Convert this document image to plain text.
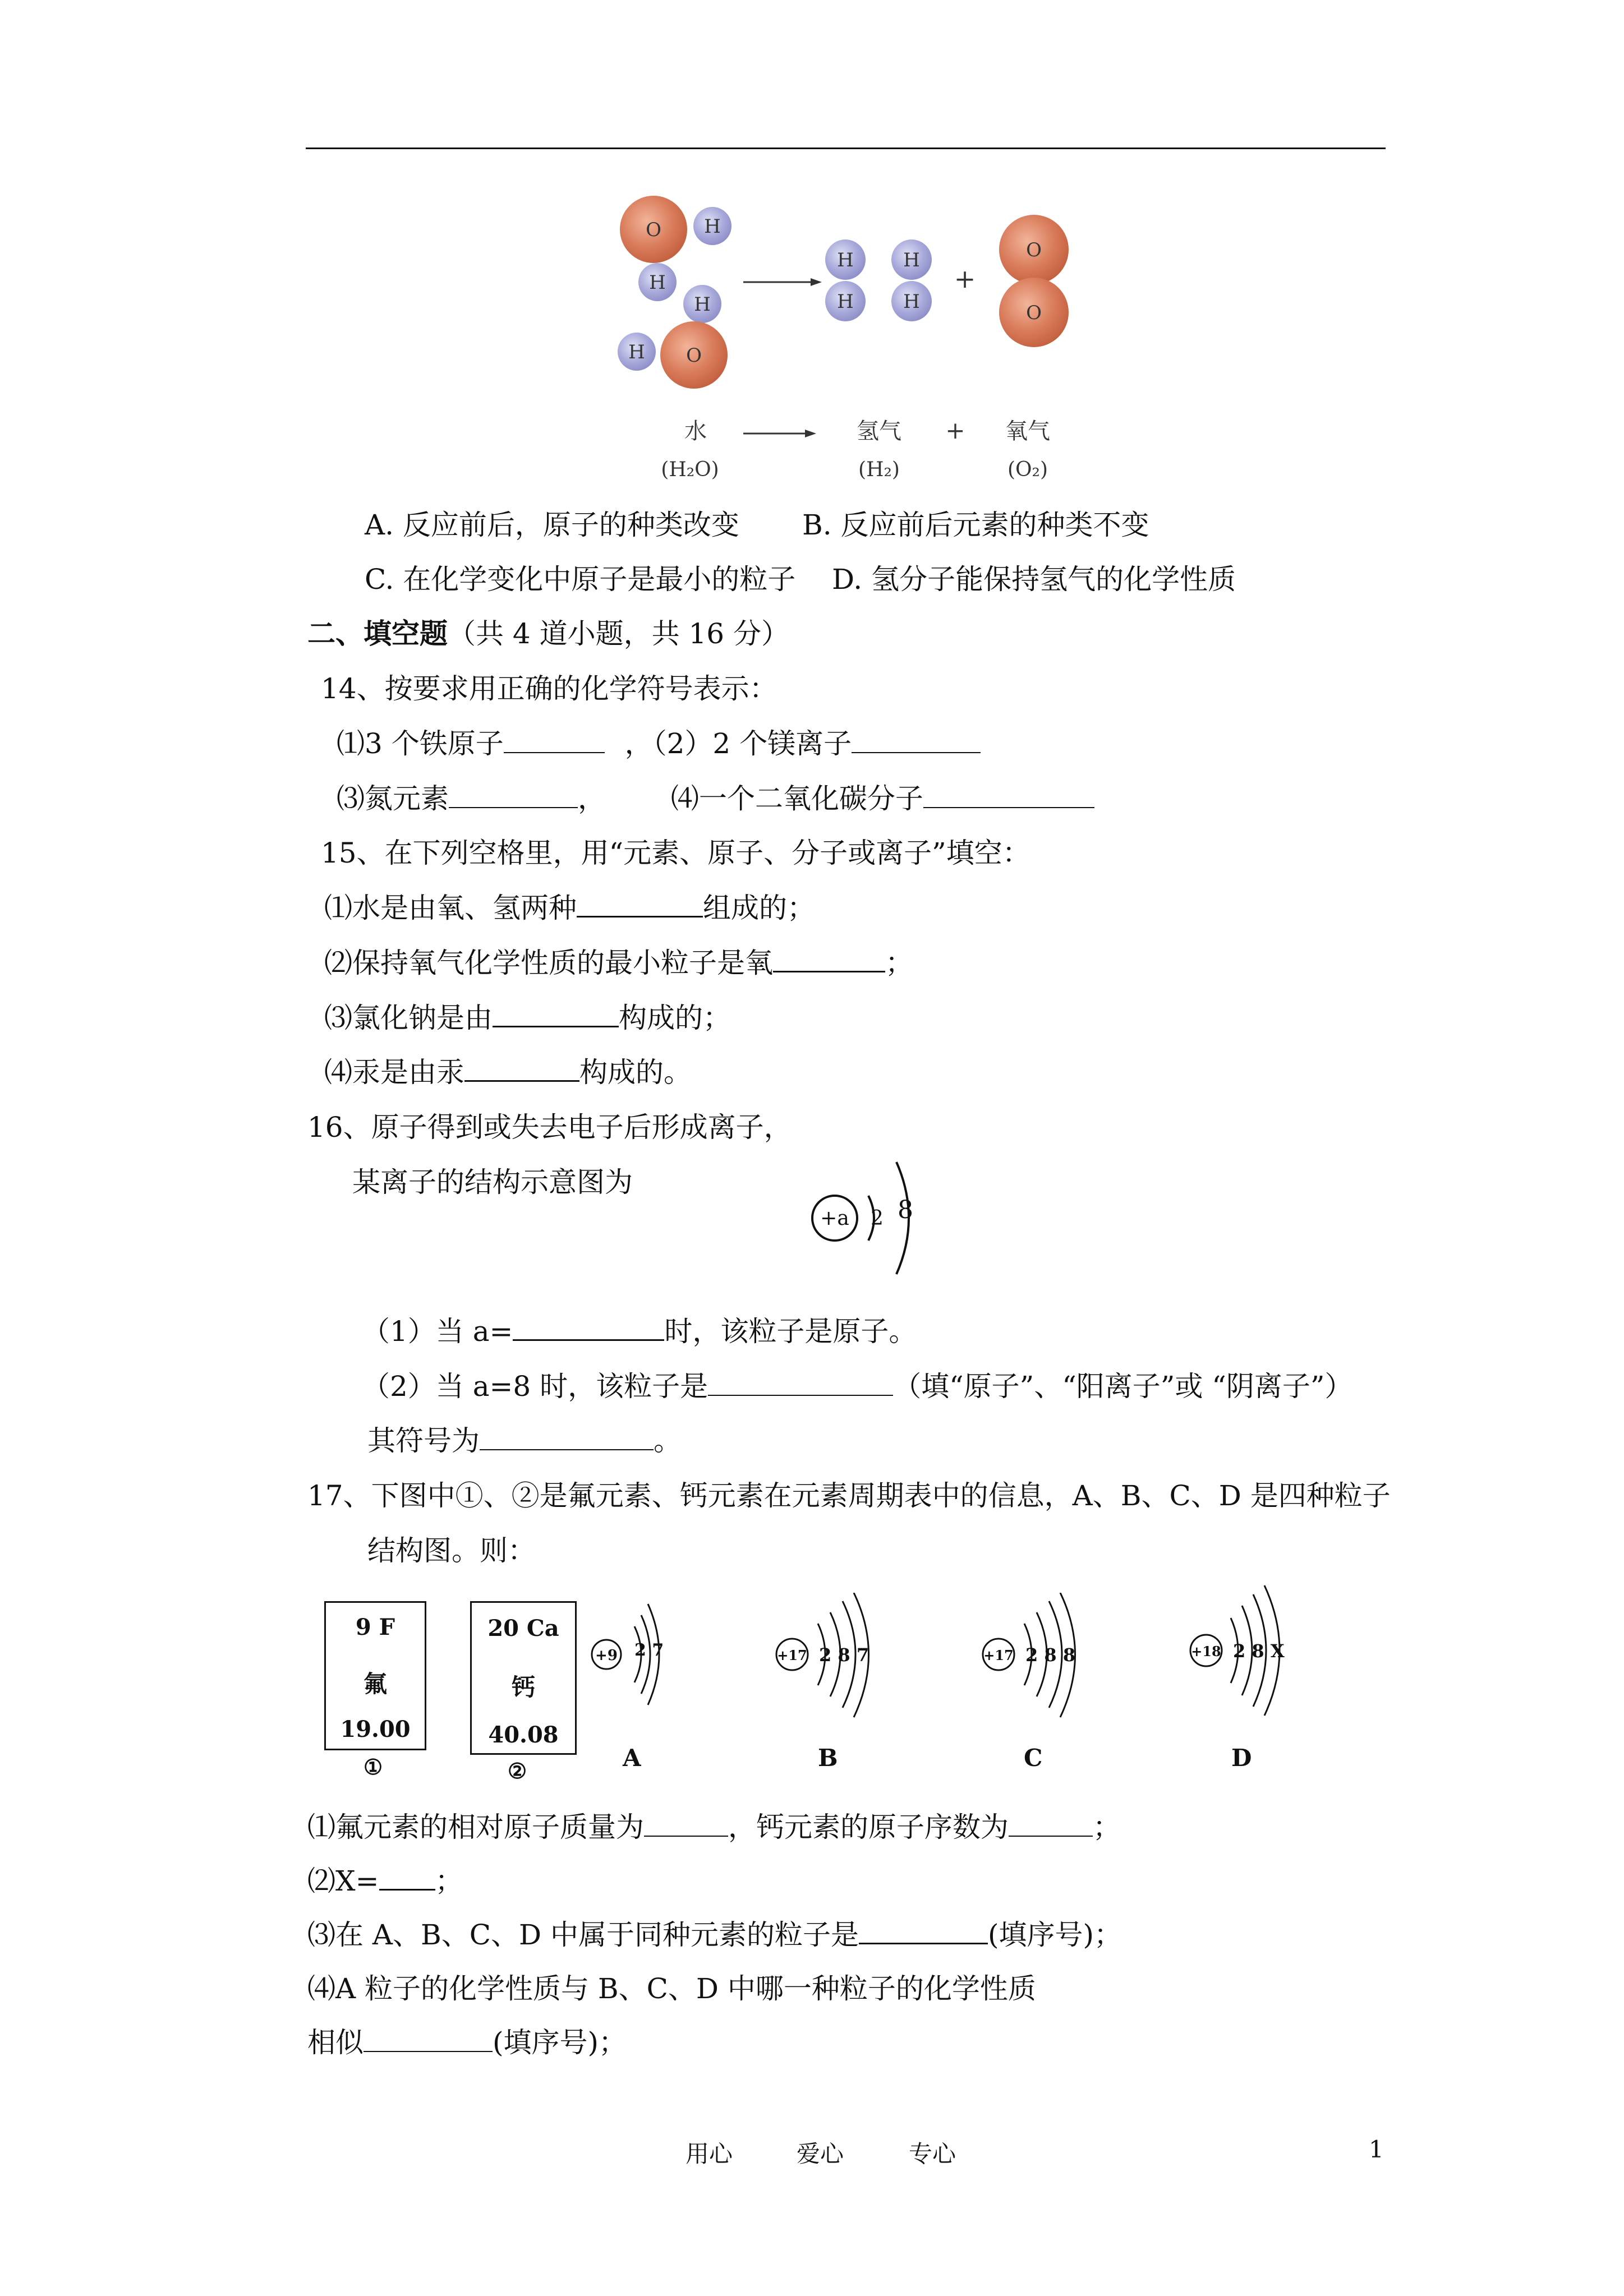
O H
H
H
H O
H
H
H
H
+
O
O
水	氢气 + 氧气
(H₂O)	(H₂)	(O₂)
A. 反应前后，原子的种类改变 B. 反应前后元素的种类不变
C. 在化学变化中原子是最小的粒子 D. 氢分子能保持氢气的化学性质
二、填空题（共 4 道小题，共 16 分）
14、按要求用正确的化学符号表示：
⑴3 个铁原子	，（2）2 个镁离子
⑶氮元素	， ⑷一个二氧化碳分子
15、在下列空格里，用“元素、原子、分子或离子”填空：
⑴水是由氧、氢两种	组成的；
⑵保持氧气化学性质的最小粒子是氧	；
⑶氯化钠是由	构成的；
⑷汞是由汞	构成的。
16、原子得到或失去电子后形成离子，
某离子的结构示意图为
+a 2 8
（1）当 a=	时，该粒子是原子。
（2）当 a=8 时，该粒子是	（填“原子”、“阳离子”或 “阴离子”）
其符号为	。
17、下图中①、②是氟元素、钙元素在元素周期表中的信息，A、B、C、D 是四种粒子
结构图。则：
9 F
氟
19.00
①
20 Ca
钙
40.08
②
+9 2 7
A
+17 2 8 7
B
+17 2 8 8
C
+18 2 8 X
D
⑴氟元素的相对原子质量为	，钙元素的原子序数为	；
⑵X= ；
⑶在 A、B、C、D 中属于同种元素的粒子是	(填序号)；
⑷A 粒子的化学性质与 B、C、D 中哪一种粒子的化学性质
相似	(填序号)；
用心	爱心	专心	1
